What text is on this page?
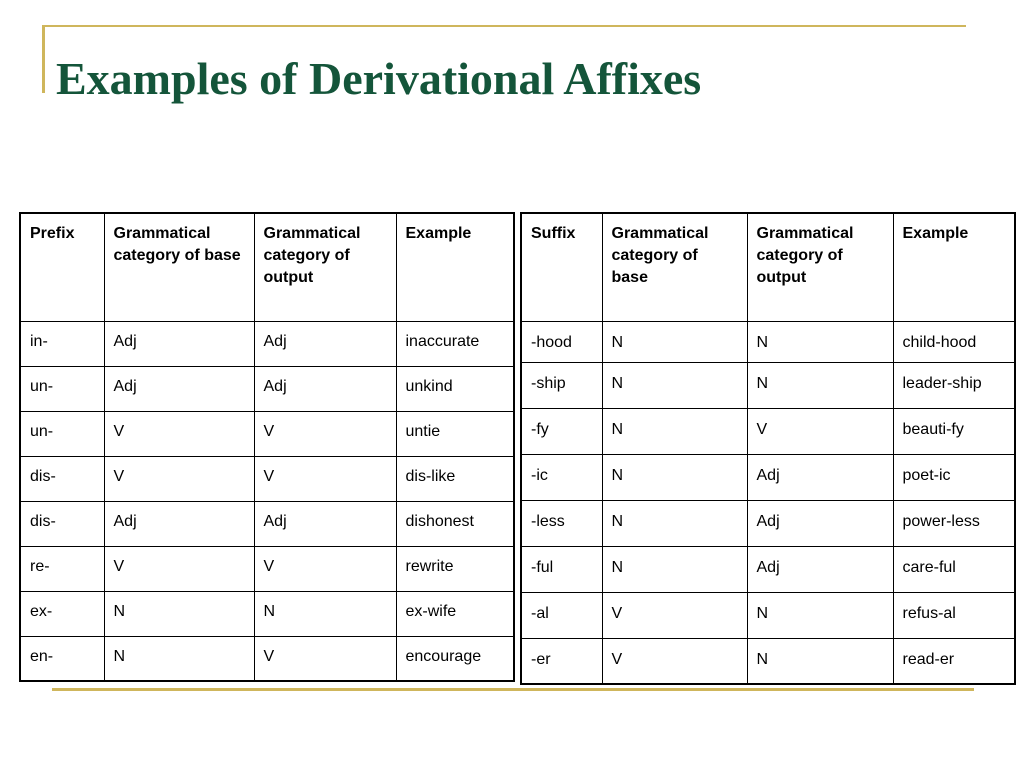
Examples of Derivational Affixes
Prefix	Grammatical category of base	Grammatical category of output	Example
in-	Adj	Adj	inaccurate
un-	Adj	Adj	unkind
un-	V	V	untie
dis-	V	V	dis-like
dis-	Adj	Adj	dishonest
re-	V	V	rewrite
ex-	N	N	ex-wife
en-	N	V	encourage
Suffix	Grammatical category of base	Grammatical category of output	Example
-hood	N	N	child-hood
-ship	N	N	leader-ship
-fy	N	V	beauti-fy
-ic	N	Adj	poet-ic
-less	N	Adj	power-less
-ful	N	Adj	care-ful
-al	V	N	refus-al
-er	V	N	read-er
